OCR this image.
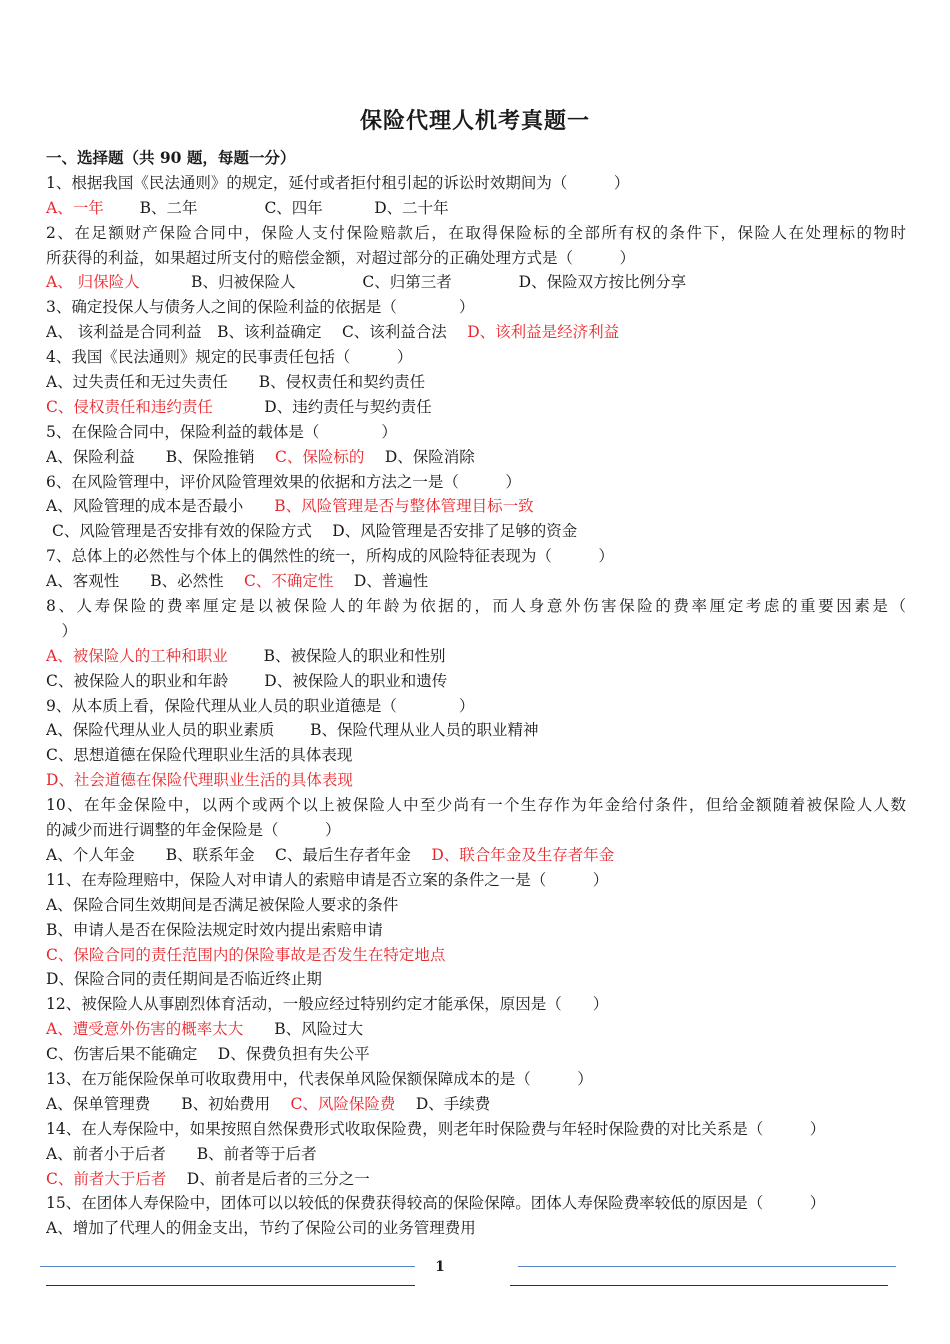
保险代理人机考真题一
一、选择题（共 90 题，每题一分）
1、根据我国《民法通则》的规定，延付或者拒付租引起的诉讼时效期间为（　　　）
A、一年　　 B、二年　　　　 C、四年　　　 D、二十年
2、在足额财产保险合同中，保险人支付保险赔款后，在取得保险标的全部所有权的条件下，保险人在处理标的物时
所获得的利益，如果超过所支付的赔偿金额，对超过部分的正确处理方式是（　　　）
A、 归保险人　　　 B、归被保险人　　　　 C、归第三者　　　　 D、保险双方按比例分享
3、确定投保人与债务人之间的保险利益的依据是（　　　　）
A、 该利益是合同利益　B、该利益确定　 C、该利益合法　 D、该利益是经济利益
4、我国《民法通则》规定的民事责任包括（　　　）
A、过失责任和无过失责任　　B、侵权责任和契约责任
C、侵权责任和违约责任　　　 D、违约责任与契约责任
5、在保险合同中，保险利益的载体是（　　　　）
A、保险利益　　B、保险推销　 C、保险标的　 D、保险消除
6、在风险管理中，评价风险管理效果的依据和方法之一是（　　　）
A、风险管理的成本是否最小　　B、风险管理是否与整体管理目标一致
C、风险管理是否安排有效的保险方式　 D、风险管理是否安排了足够的资金
7、总体上的必然性与个体上的偶然性的统一，所构成的风险特征表现为（　　　）
A、客观性　　B、必然性　 C、不确定性　 D、普遍性
8、人寿保险的费率厘定是以被保险人的年龄为依据的，而人身意外伤害保险的费率厘定考虑的重要因素是（
　）
A、被保险人的工种和职业　　 B、被保险人的职业和性别
C、被保险人的职业和年龄　　 D、被保险人的职业和遗传
9、从本质上看，保险代理从业人员的职业道德是（　　　　）
A、保险代理从业人员的职业素质　　 B、保险代理从业人员的职业精神
C、思想道德在保险代理职业生活的具体表现
D、社会道德在保险代理职业生活的具体表现
10、在年金保险中，以两个或两个以上被保险人中至少尚有一个生存作为年金给付条件，但给金额随着被保险人人数
的减少而进行调整的年金保险是（　　　）
A、个人年金　　B、联系年金　 C、最后生存者年金　 D、联合年金及生存者年金
11、在寿险理赔中，保险人对申请人的索赔申请是否立案的条件之一是（　　　）
A、保险合同生效期间是否满足被保险人要求的条件
B、申请人是否在保险法规定时效内提出索赔申请
C、保险合同的责任范围内的保险事故是否发生在特定地点
D、保险合同的责任期间是否临近终止期
12、被保险人从事剧烈体育活动，一般应经过特别约定才能承保，原因是（　　）
A、遭受意外伤害的概率太大　　B、风险过大
C、伤害后果不能确定　 D、保费负担有失公平
13、在万能保险保单可收取费用中，代表保单风险保额保障成本的是（　　　）
A、保单管理费　　B、初始费用　 C、风险保险费　 D、手续费
14、在人寿保险中，如果按照自然保费形式收取保险费，则老年时保险费与年轻时保险费的对比关系是（　　　）
A、前者小于后者　　B、前者等于后者
C、前者大于后者　 D、前者是后者的三分之一
15、在团体人寿保险中，团体可以以较低的保费获得较高的保险保障。团体人寿保险费率较低的原因是（　　　）
A、增加了代理人的佣金支出，节约了保险公司的业务管理费用
1
